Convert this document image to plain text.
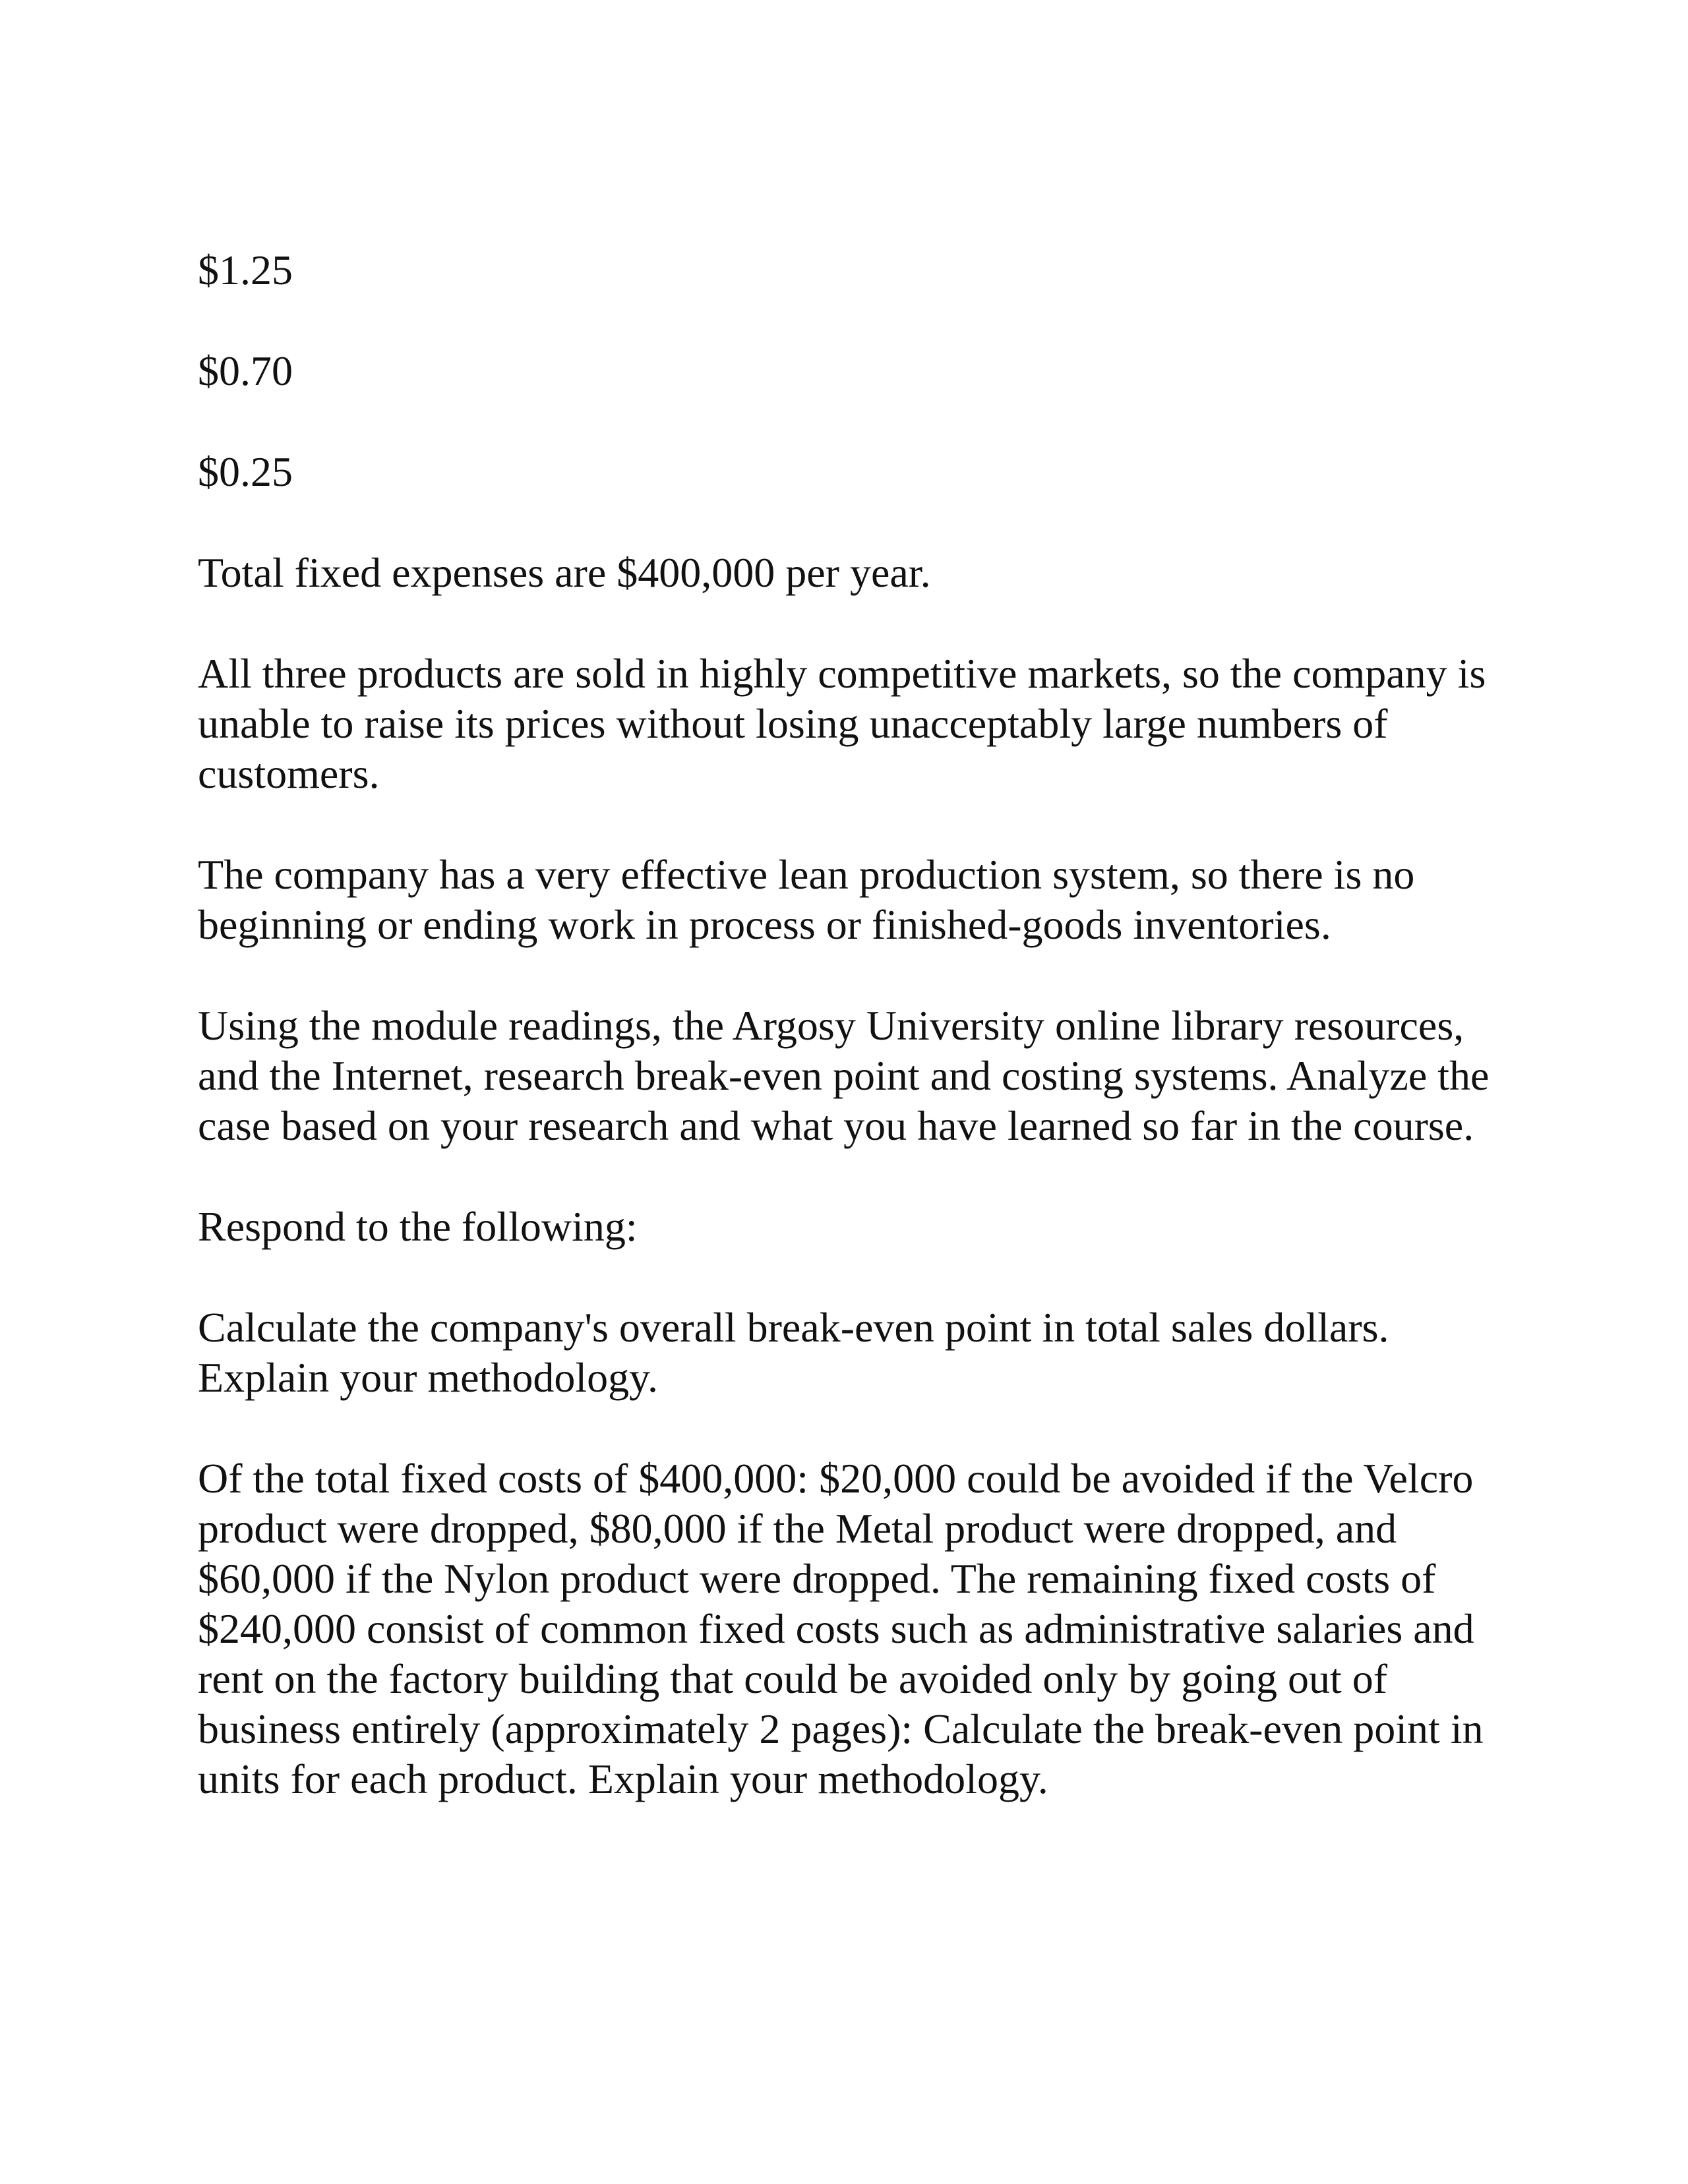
$1.25

$0.70

$0.25

Total fixed expenses are $400,000 per year.

All three products are sold in highly competitive markets, so the company is unable to raise its prices without losing unacceptably large numbers of customers.

The company has a very effective lean production system, so there is no beginning or ending work in process or finished-goods inventories.

Using the module readings, the Argosy University online library resources, and the Internet, research break-even point and costing systems. Analyze the case based on your research and what you have learned so far in the course.

Respond to the following:

Calculate the company's overall break-even point in total sales dollars. Explain your methodology.

Of the total fixed costs of $400,000: $20,000 could be avoided if the Velcro product were dropped, $80,000 if the Metal product were dropped, and $60,000 if the Nylon product were dropped. The remaining fixed costs of $240,000 consist of common fixed costs such as administrative salaries and rent on the factory building that could be avoided only by going out of business entirely (approximately 2 pages): Calculate the break-even point in units for each product. Explain your methodology.
